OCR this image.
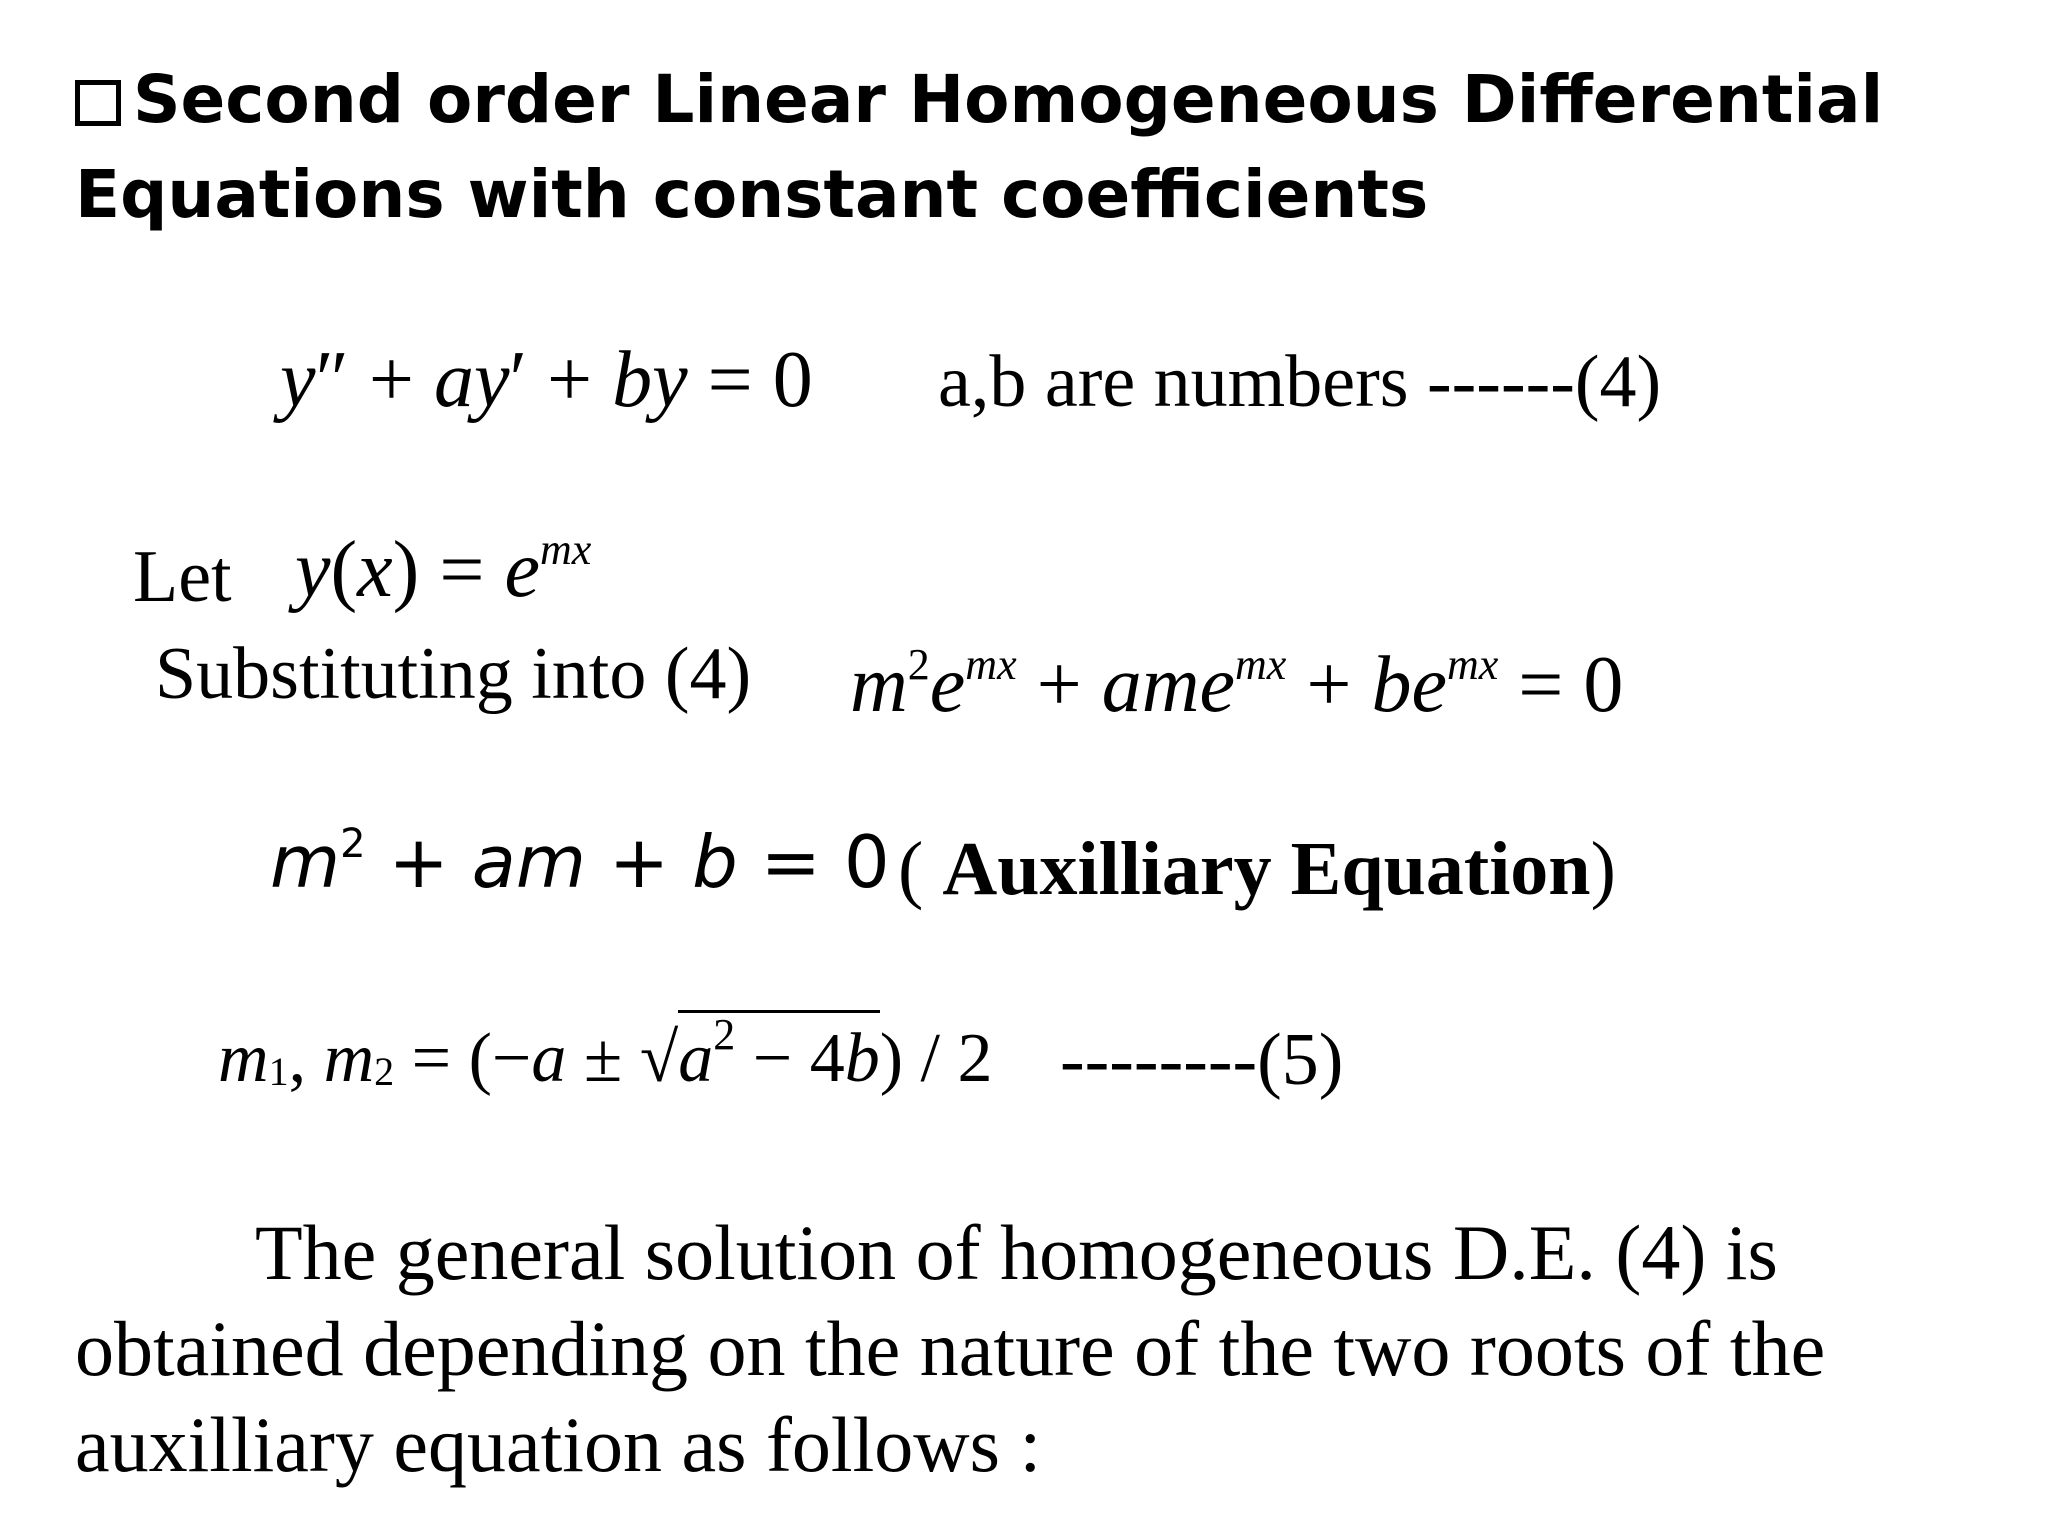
Second order Linear Homogeneous Differential
Equations with constant coefficients
y″ + ay′ + by = 0 a,b are numbers ------(4)
Let $y(x) = e^{mx}$
Substituting into (4) $m^2e^{mx} + ame^{mx} + be^{mx} = 0$
$m^2$ + am + b = 0 ( Auxilliary Equation)
$m_1$, $m_2 = (-a \pm √a^2 - 4b) / 2$ --------(5)
The general solution of homogeneous D.E. (4) is
obtained depending on the nature of the two roots of the
auxilliary equation as follows :
